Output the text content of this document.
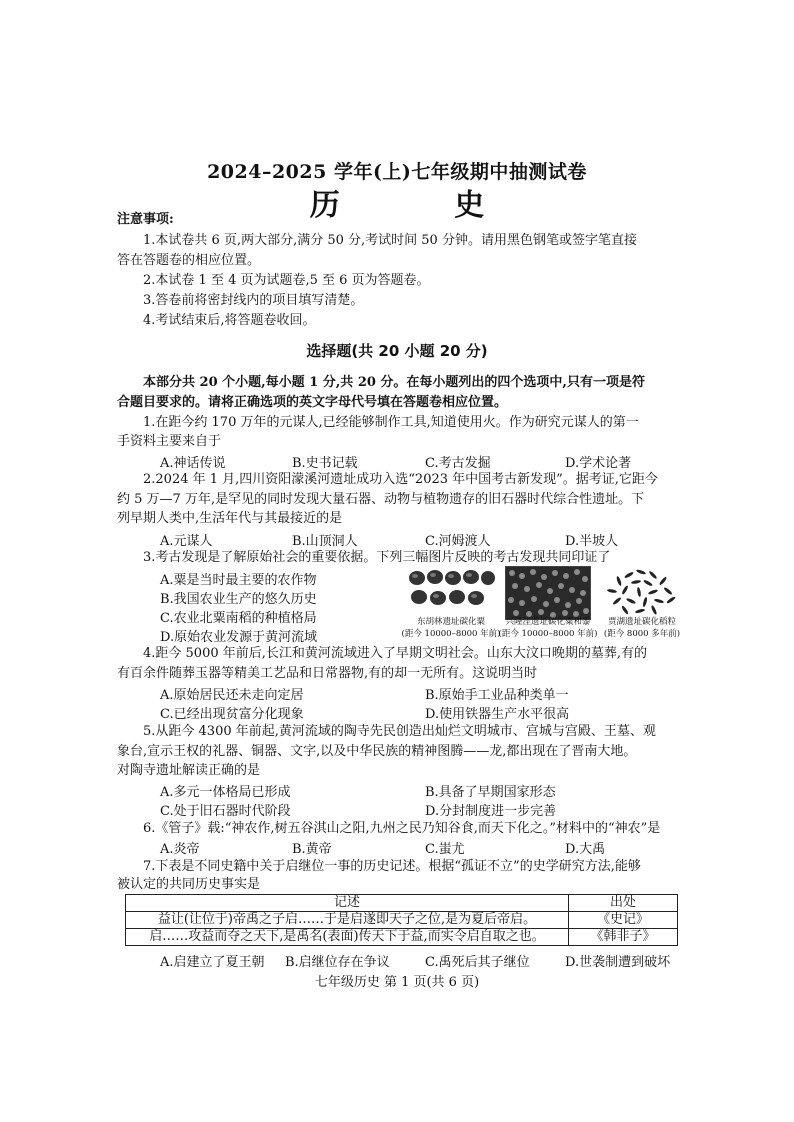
2024–2025 学年(上)七年级期中抽测试卷
历 史
注意事项:
1.本试卷共 6 页,两大部分,满分 50 分,考试时间 50 分钟。请用黑色钢笔或签字笔直接
答在答题卷的相应位置。
2.本试卷 1 至 4 页为试题卷,5 至 6 页为答题卷。
3.答卷前将密封线内的项目填写清楚。
4.考试结束后,将答题卷收回。
选择题(共 20 小题 20 分)
本部分共 20 个小题,每小题 1 分,共 20 分。在每小题列出的四个选项中,只有一项是符
合题目要求的。请将正确选项的英文字母代号填在答题卷相应位置。
1.在距今约 170 万年的元谋人,已经能够制作工具,知道使用火。作为研究元谋人的第一
手资料主要来自于
A.神话传说	B.史书记载	C.考古发掘	D.学术论著
2.2024 年 1 月,四川资阳濛溪河遗址成功入选“2023 年中国考古新发现”。据考证,它距今
约 5 万—7 万年,是罕见的同时发现大量石器、动物与植物遗存的旧石器时代综合性遗址。下
列早期人类中,生活年代与其最接近的是
A.元谋人	B.山顶洞人	C.河姆渡人	D.半坡人
3.考古发现是了解原始社会的重要依据。下列三幅图片反映的考古发现共同印证了
A.粟是当时最主要的农作物
B.我国农业生产的悠久历史
C.农业北粟南稻的种植格局
D.原始农业发源于黄河流域
东胡林遗址碳化粟
(距今 10000–8000 年前)
兴隆洼遗址碳化粟和黍
(距今 10000–8000 年前)
贾湖遗址碳化稻粒
(距今 8000 多年前)
4.距今 5000 年前后,长江和黄河流域进入了早期文明社会。山东大汶口晚期的墓葬,有的
有百余件随葬玉器等精美工艺品和日常器物,有的却一无所有。这说明当时
A.原始居民还未走向定居	B.原始手工业品种类单一
C.已经出现贫富分化现象	D.使用铁器生产水平很高
5.从距今 4300 年前起,黄河流域的陶寺先民创造出灿烂文明城市、宫城与宫殿、王墓、观
象台,宣示王权的礼器、铜器、文字,以及中华民族的精神图腾——龙,都出现在了晋南大地。
对陶寺遗址解读正确的是
A.多元一体格局已形成	B.具备了早期国家形态
C.处于旧石器时代阶段	D.分封制度进一步完善
6.《管子》载:“神农作,树五谷淇山之阳,九州之民乃知谷食,而天下化之。”材料中的“神农”是
A.炎帝	B.黄帝	C.蚩尤	D.大禹
7.下表是不同史籍中关于启继位一事的历史记述。根据“孤证不立”的史学研究方法,能够
被认定的共同历史事实是
记述	出处
益让(让位于)帝禹之子启……于是启遂即天子之位,是为夏后帝启。	《史记》
启……攻益而夺之天下,是禹名(表面)传天下于益,而实令启自取之也。	《韩非子》
A.启建立了夏王朝 B.启继位存在争议	C.禹死后其子继位	D.世袭制遭到破坏
七年级历史 第 1 页(共 6 页)
